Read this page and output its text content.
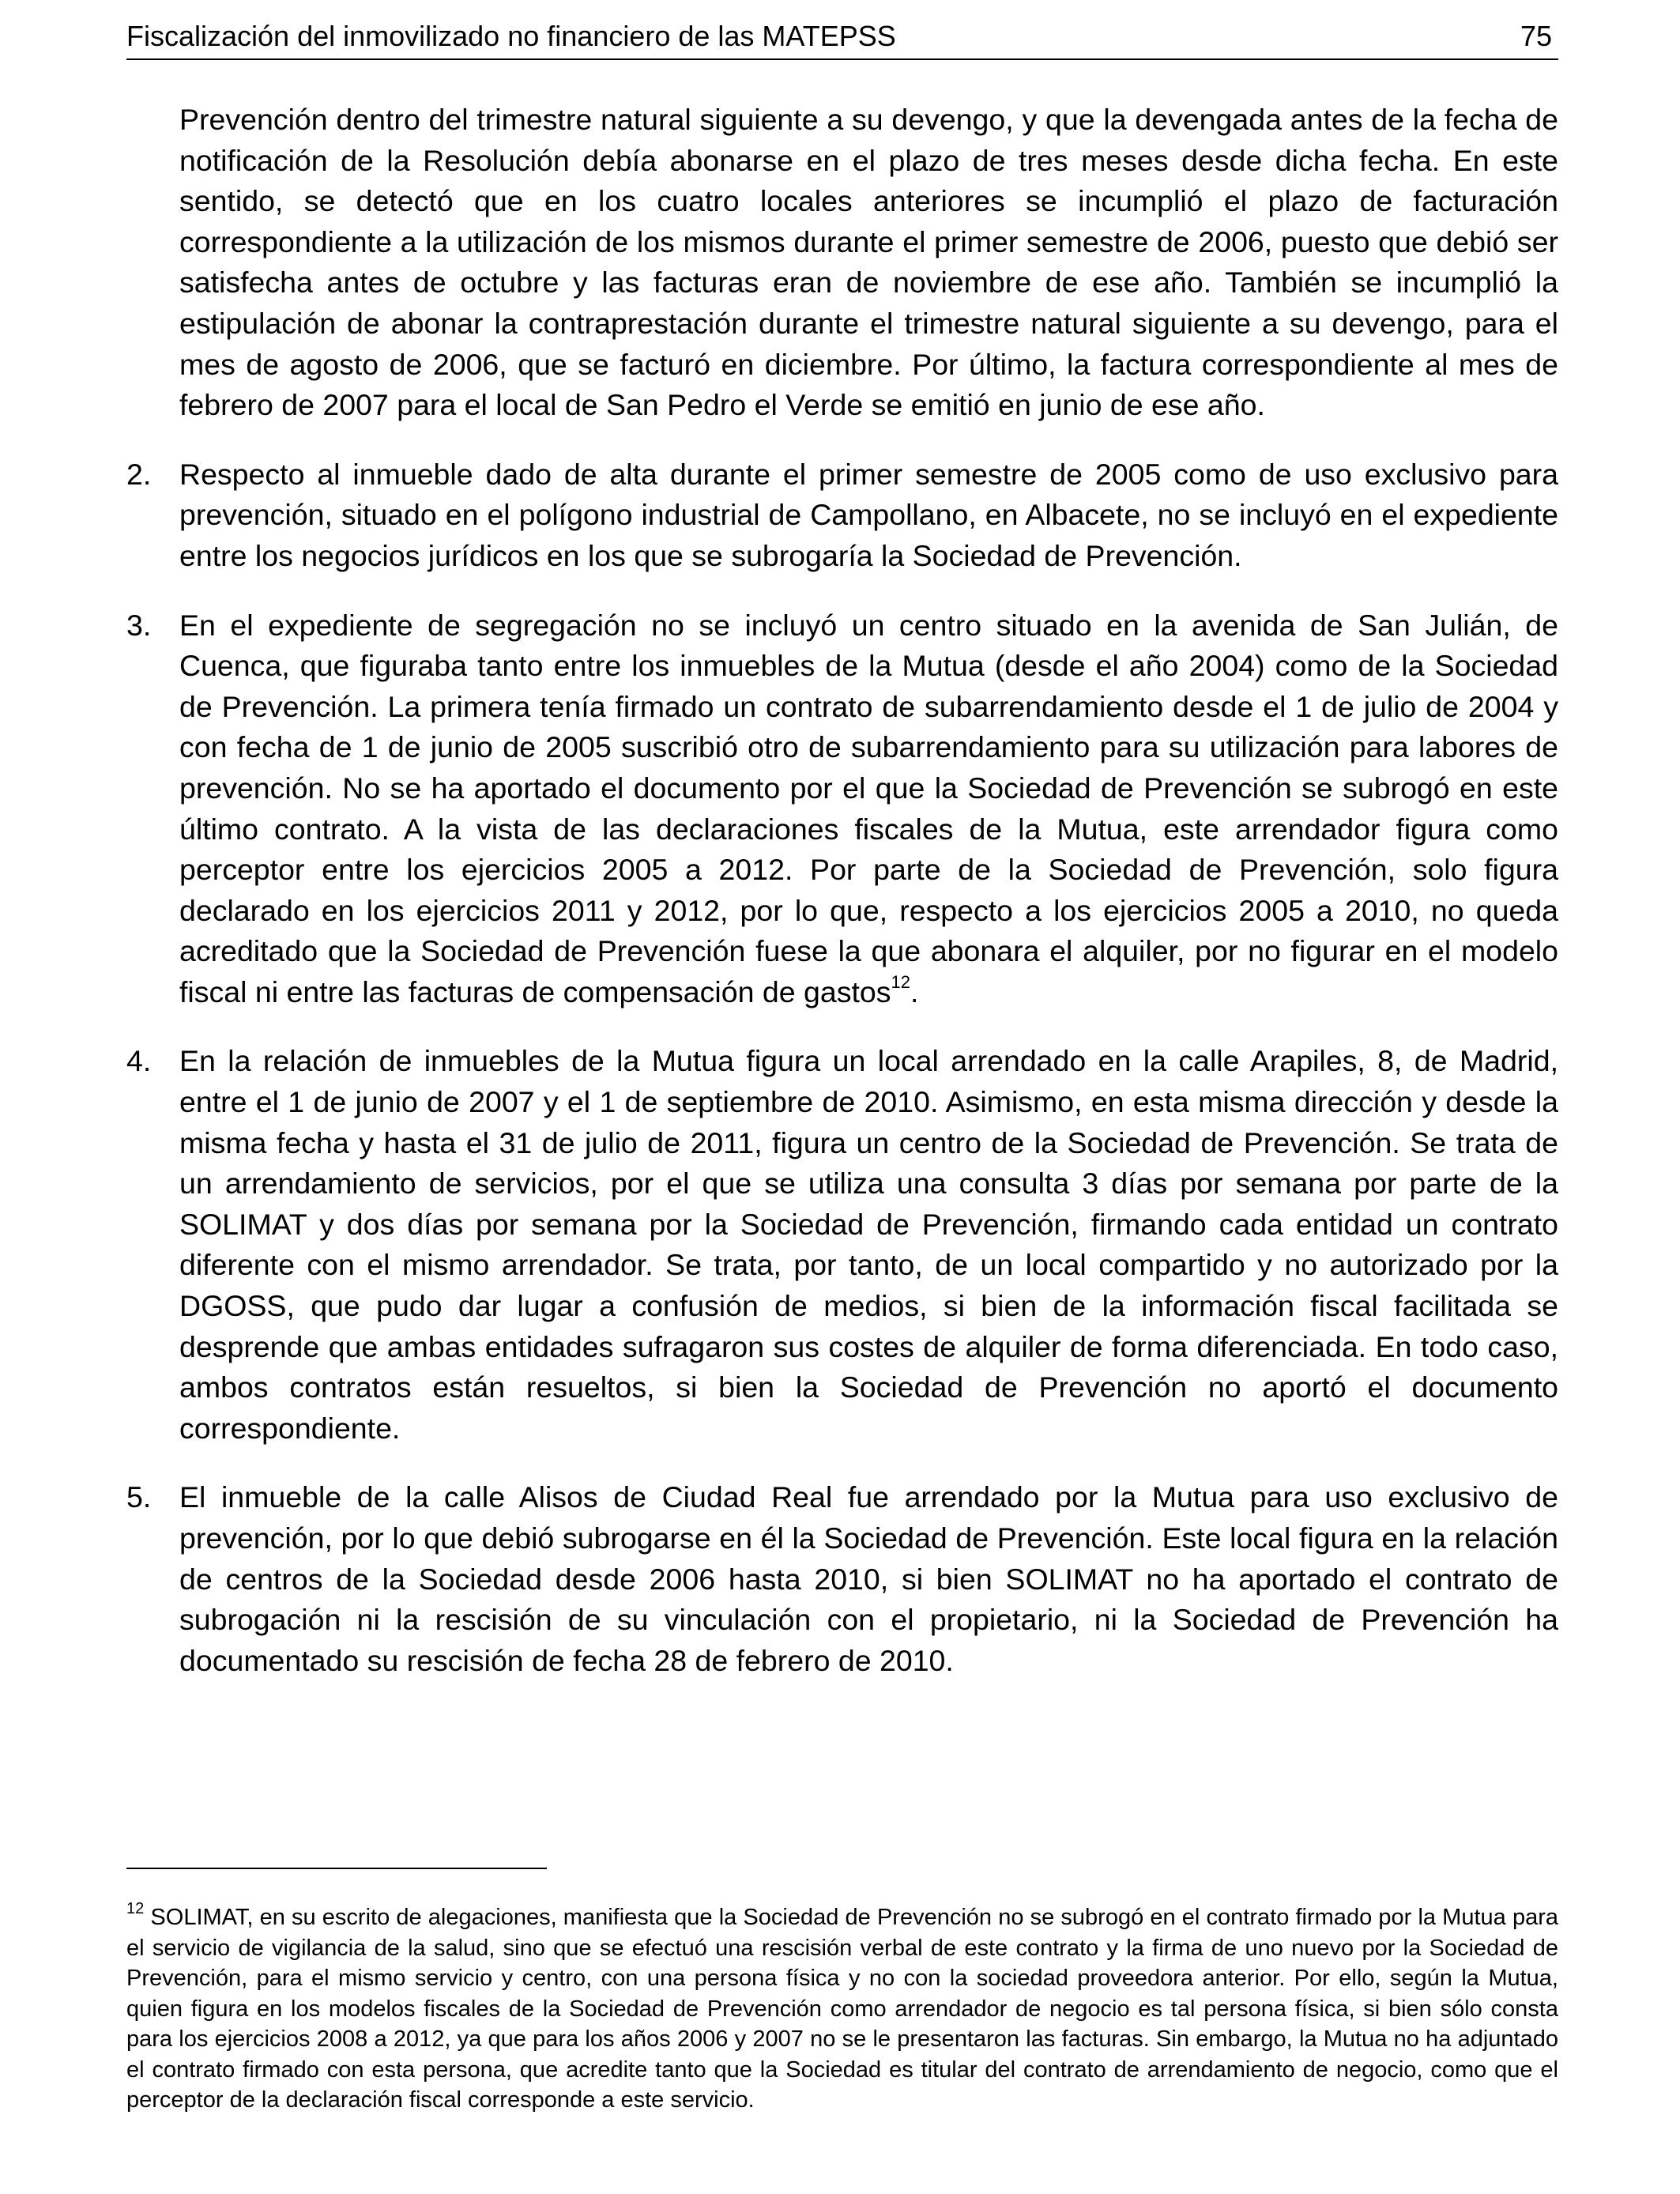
Fiscalización del inmovilizado no financiero de las MATEPSS	75

Prevención dentro del trimestre natural siguiente a su devengo, y que la devengada antes de la fecha de notificación de la Resolución debía abonarse en el plazo de tres meses desde dicha fecha. En este sentido, se detectó que en los cuatro locales anteriores se incumplió el plazo de facturación correspondiente a la utilización de los mismos durante el primer semestre de 2006, puesto que debió ser satisfecha antes de octubre y las facturas eran de noviembre de ese año. También se incumplió la estipulación de abonar la contraprestación durante el trimestre natural siguiente a su devengo, para el mes de agosto de 2006, que se facturó en diciembre. Por último, la factura correspondiente al mes de febrero de 2007 para el local de San Pedro el Verde se emitió en junio de ese año.

2. Respecto al inmueble dado de alta durante el primer semestre de 2005 como de uso exclusivo para prevención, situado en el polígono industrial de Campollano, en Albacete, no se incluyó en el expediente entre los negocios jurídicos en los que se subrogaría la Sociedad de Prevención.
3. En el expediente de segregación no se incluyó un centro situado en la avenida de San Julián, de Cuenca, que figuraba tanto entre los inmuebles de la Mutua (desde el año 2004) como de la Sociedad de Prevención. La primera tenía firmado un contrato de subarrendamiento desde el 1 de julio de 2004 y con fecha de 1 de junio de 2005 suscribió otro de subarrendamiento para su utilización para labores de prevención. No se ha aportado el documento por el que la Sociedad de Prevención se subrogó en este último contrato. A la vista de las declaraciones fiscales de la Mutua, este arrendador figura como perceptor entre los ejercicios 2005 a 2012. Por parte de la Sociedad de Prevención, solo figura declarado en los ejercicios 2011 y 2012, por lo que, respecto a los ejercicios 2005 a 2010, no queda acreditado que la Sociedad de Prevención fuese la que abonara el alquiler, por no figurar en el modelo fiscal ni entre las facturas de compensación de gastos$^{12}$.
4. En la relación de inmuebles de la Mutua figura un local arrendado en la calle Arapiles, 8, de Madrid, entre el 1 de junio de 2007 y el 1 de septiembre de 2010. Asimismo, en esta misma dirección y desde la misma fecha y hasta el 31 de julio de 2011, figura un centro de la Sociedad de Prevención. Se trata de un arrendamiento de servicios, por el que se utiliza una consulta 3 días por semana por parte de la SOLIMAT y dos días por semana por la Sociedad de Prevención, firmando cada entidad un contrato diferente con el mismo arrendador. Se trata, por tanto, de un local compartido y no autorizado por la DGOSS, que pudo dar lugar a confusión de medios, si bien de la información fiscal facilitada se desprende que ambas entidades sufragaron sus costes de alquiler de forma diferenciada. En todo caso, ambos contratos están resueltos, si bien la Sociedad de Prevención no aportó el documento correspondiente.
5. El inmueble de la calle Alisos de Ciudad Real fue arrendado por la Mutua para uso exclusivo de prevención, por lo que debió subrogarse en él la Sociedad de Prevención. Este local figura en la relación de centros de la Sociedad desde 2006 hasta 2010, si bien SOLIMAT no ha aportado el contrato de subrogación ni la rescisión de su vinculación con el propietario, ni la Sociedad de Prevención ha documentado su rescisión de fecha 28 de febrero de 2010.

$^{12}$ SOLIMAT, en su escrito de alegaciones, manifiesta que la Sociedad de Prevención no se subrogó en el contrato firmado por la Mutua para el servicio de vigilancia de la salud, sino que se efectuó una rescisión verbal de este contrato y la firma de uno nuevo por la Sociedad de Prevención, para el mismo servicio y centro, con una persona física y no con la sociedad proveedora anterior. Por ello, según la Mutua, quien figura en los modelos fiscales de la Sociedad de Prevención como arrendador de negocio es tal persona física, si bien sólo consta para los ejercicios 2008 a 2012, ya que para los años 2006 y 2007 no se le presentaron las facturas. Sin embargo, la Mutua no ha adjuntado el contrato firmado con esta persona, que acredite tanto que la Sociedad es titular del contrato de arrendamiento de negocio, como que el perceptor de la declaración fiscal corresponde a este servicio.
